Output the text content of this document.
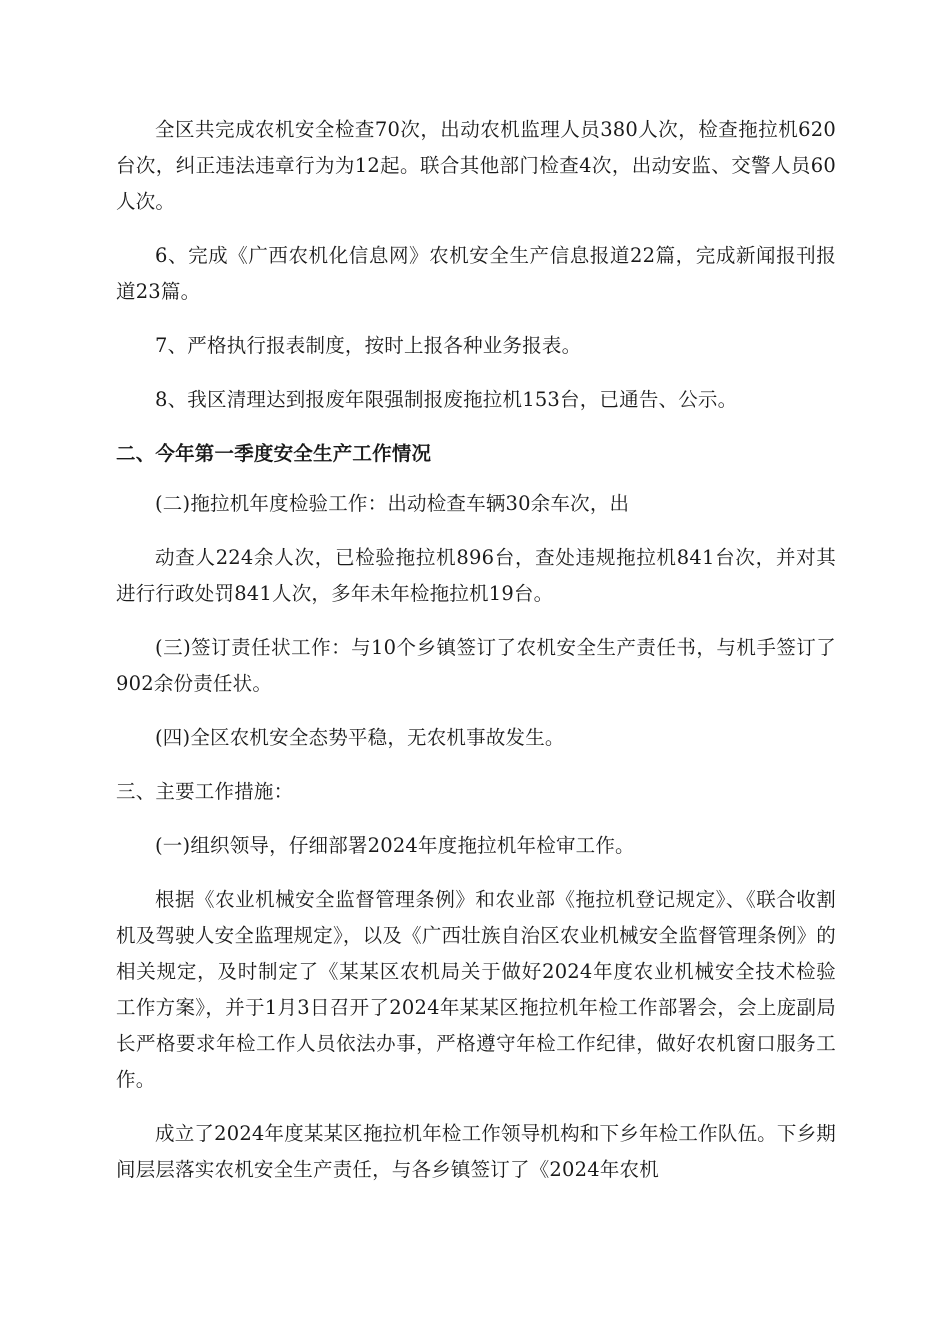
全区共完成农机安全检查70次，出动农机监理人员380人次，检查拖拉机620台次，纠正违法违章行为为12起。联合其他部门检查4次，出动安监、交警人员60人次。

6、完成《广西农机化信息网》农机安全生产信息报道22篇，完成新闻报刊报道23篇。

7、严格执行报表制度，按时上报各种业务报表。

8、我区清理达到报废年限强制报废拖拉机153台，已通告、公示。

二、今年第一季度安全生产工作情况

(二)拖拉机年度检验工作：出动检查车辆30余车次，出

动查人224余人次，已检验拖拉机896台，查处违规拖拉机841台次，并对其进行行政处罚841人次，多年未年检拖拉机19台。

(三)签订责任状工作：与10个乡镇签订了农机安全生产责任书，与机手签订了902余份责任状。

(四)全区农机安全态势平稳，无农机事故发生。

三、主要工作措施：

(一)组织领导，仔细部署2024年度拖拉机年检审工作。

根据《农业机械安全监督管理条例》和农业部《拖拉机登记规定》、《联合收割机及驾驶人安全监理规定》，以及《广西壮族自治区农业机械安全监督管理条例》的相关规定，及时制定了《某某区农机局关于做好2024年度农业机械安全技术检验工作方案》，并于1月3日召开了2024年某某区拖拉机年检工作部署会，会上庞副局长严格要求年检工作人员依法办事，严格遵守年检工作纪律，做好农机窗口服务工作。

成立了2024年度某某区拖拉机年检工作领导机构和下乡年检工作队伍。下乡期间层层落实农机安全生产责任，与各乡镇签订了《2024年农机
